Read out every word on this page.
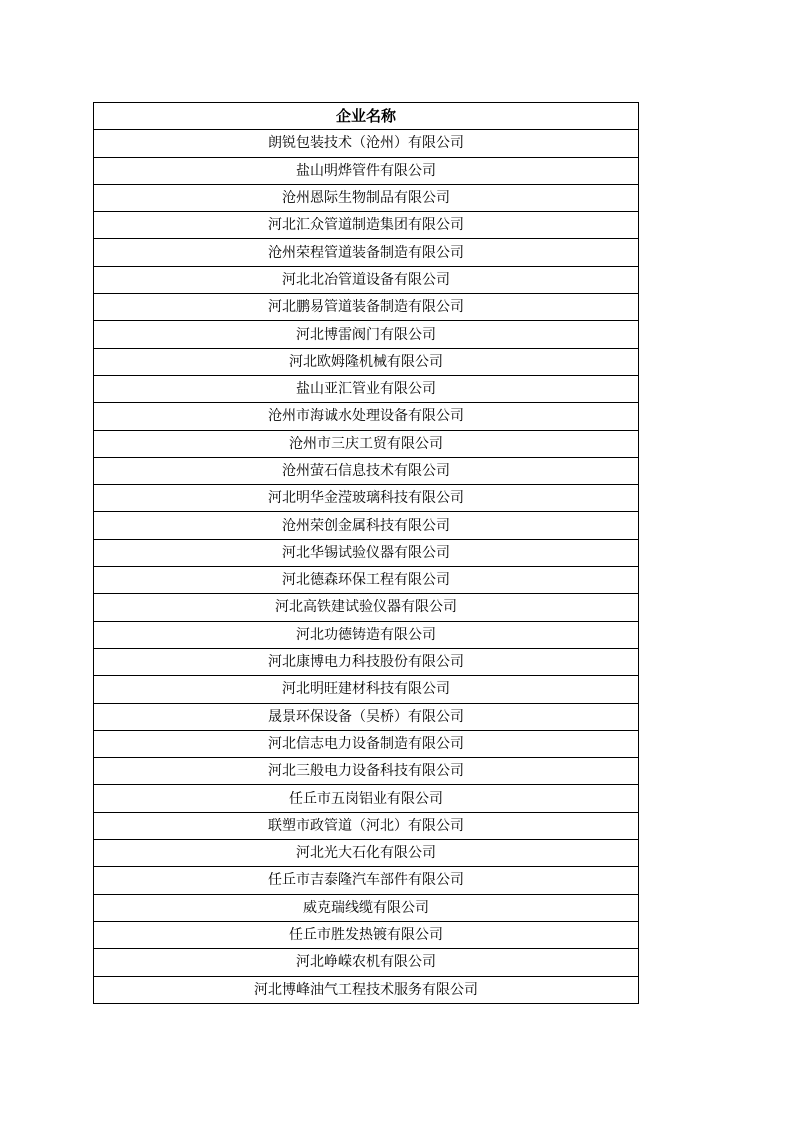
企业名称
朗锐包装技术（沧州）有限公司
盐山明烨管件有限公司
沧州恩际生物制品有限公司
河北汇众管道制造集团有限公司
沧州荣程管道装备制造有限公司
河北北冶管道设备有限公司
河北鹏易管道装备制造有限公司
河北博雷阀门有限公司
河北欧姆隆机械有限公司
盐山亚汇管业有限公司
沧州市海诚水处理设备有限公司
沧州市三庆工贸有限公司
沧州萤石信息技术有限公司
河北明华金滢玻璃科技有限公司
沧州荣创金属科技有限公司
河北华锡试验仪器有限公司
河北德森环保工程有限公司
河北高铁建试验仪器有限公司
河北功德铸造有限公司
河北康博电力科技股份有限公司
河北明旺建材科技有限公司
晟景环保设备（吴桥）有限公司
河北信志电力设备制造有限公司
河北三般电力设备科技有限公司
任丘市五岗铝业有限公司
联塑市政管道（河北）有限公司
河北光大石化有限公司
任丘市吉泰隆汽车部件有限公司
威克瑞线缆有限公司
任丘市胜发热镀有限公司
河北峥嵘农机有限公司
河北博峰油气工程技术服务有限公司
